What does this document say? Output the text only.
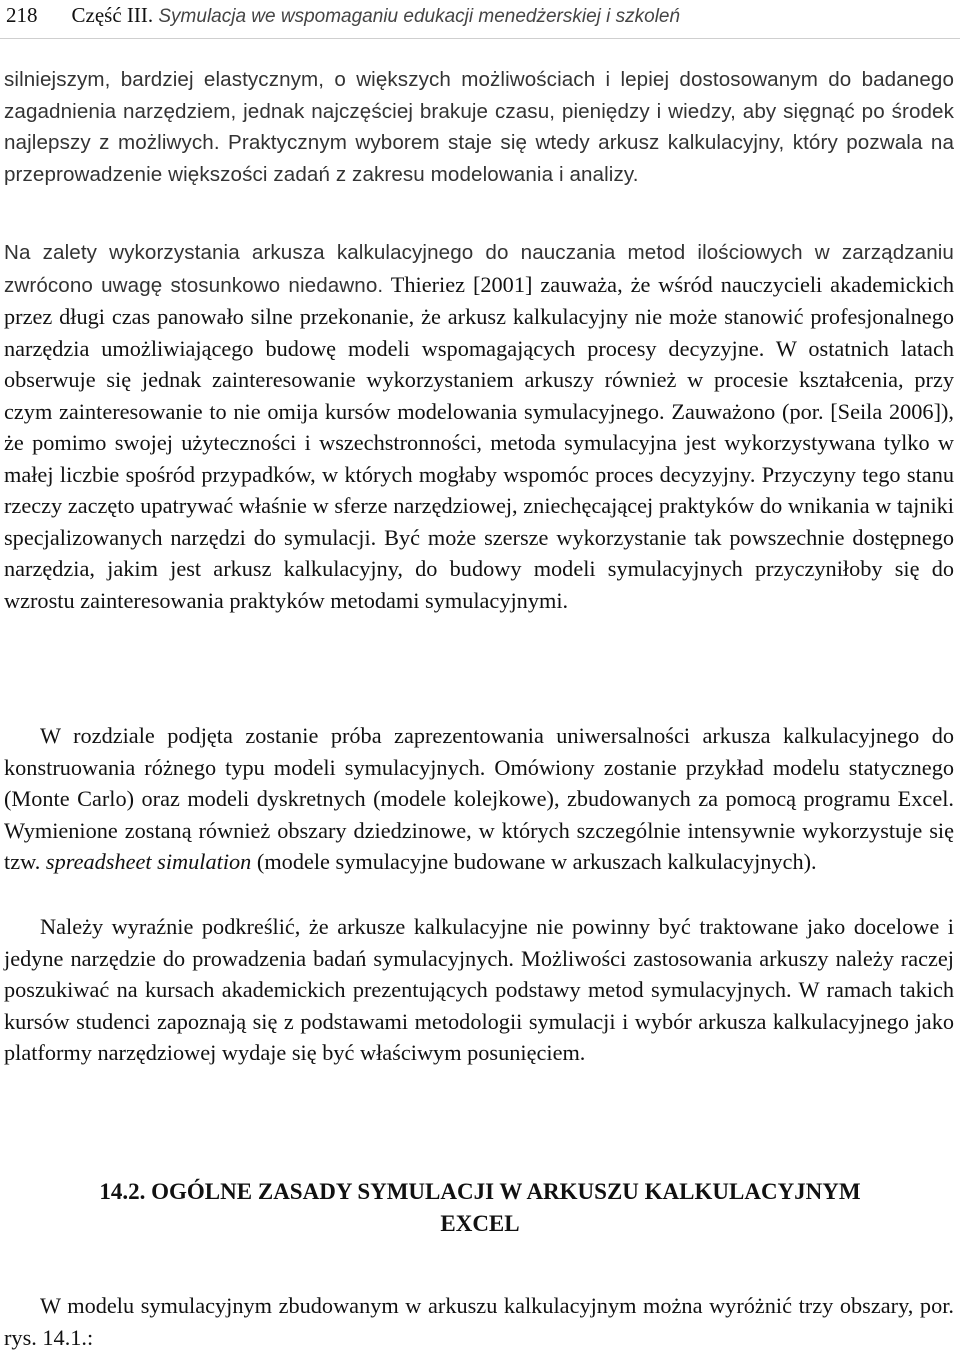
218 Część III. Symulacja we wspomaganiu edukacji menedżerskiej i szkoleń

silniejszym, bardziej elastycznym, o większych możliwościach i lepiej dostosowanym do badanego zagadnienia narzędziem, jednak najczęściej brakuje czasu, pieniędzy i wiedzy, aby sięgnąć po środek najlepszy z możliwych. Praktycznym wyborem staje się wtedy arkusz kalkulacyjny, który pozwala na przeprowadzenie większości zadań z zakresu modelowania i analizy.

Na zalety wykorzystania arkusza kalkulacyjnego do nauczania metod ilościowych w zarządzaniu zwrócono uwagę stosunkowo niedawno. Thieriez [2001] zauważa, że wśród nauczycieli akademickich przez długi czas panowało silne przekonanie, że arkusz kalkulacyjny nie może stanowić profesjonalnego narzędzia umożliwiającego budowę modeli wspomagających procesy decyzyjne. W ostatnich latach obserwuje się jednak zainteresowanie wykorzystaniem arkuszy również w procesie kształcenia, przy czym zainteresowanie to nie omija kursów modelowania symulacyjnego. Zauważono (por. [Seila 2006]), że pomimo swojej użyteczności i wszechstronności, metoda symulacyjna jest wykorzystywana tylko w małej liczbie spośród przypadków, w których mogłaby wspomóc proces decyzyjny. Przyczyny tego stanu rzeczy zaczęto upatrywać właśnie w sferze narzędziowej, zniechęcającej praktyków do wnikania w tajniki specjalizowanych narzędzi do symulacji. Być może szersze wykorzystanie tak powszechnie dostępnego narzędzia, jakim jest arkusz kalkulacyjny, do budowy modeli symulacyjnych przyczyniłoby się do wzrostu zainteresowania praktyków metodami symulacyjnymi.

W rozdziale podjęta zostanie próba zaprezentowania uniwersalności arkusza kalkulacyjnego do konstruowania różnego typu modeli symulacyjnych. Omówiony zostanie przykład modelu statycznego (Monte Carlo) oraz modeli dyskretnych (modele kolejkowe), zbudowanych za pomocą programu Excel. Wymienione zostaną również obszary dziedzinowe, w których szczególnie intensywnie wykorzystuje się tzw. spreadsheet simulation (modele symulacyjne budowane w arkuszach kalkulacyjnych).

Należy wyraźnie podkreślić, że arkusze kalkulacyjne nie powinny być traktowane jako docelowe i jedyne narzędzie do prowadzenia badań symulacyjnych. Możliwości zastosowania arkuszy należy raczej poszukiwać na kursach akademickich prezentujących podstawy metod symulacyjnych. W ramach takich kursów studenci zapoznają się z podstawami metodologii symulacji i wybór arkusza kalkulacyjnego jako platformy narzędziowej wydaje się być właściwym posunięciem.

14.2. OGÓLNE ZASADY SYMULACJI W ARKUSZU KALKULACYJNYM
EXCEL

W modelu symulacyjnym zbudowanym w arkuszu kalkulacyjnym można wyróżnić trzy obszary, por. rys. 14.1.:
